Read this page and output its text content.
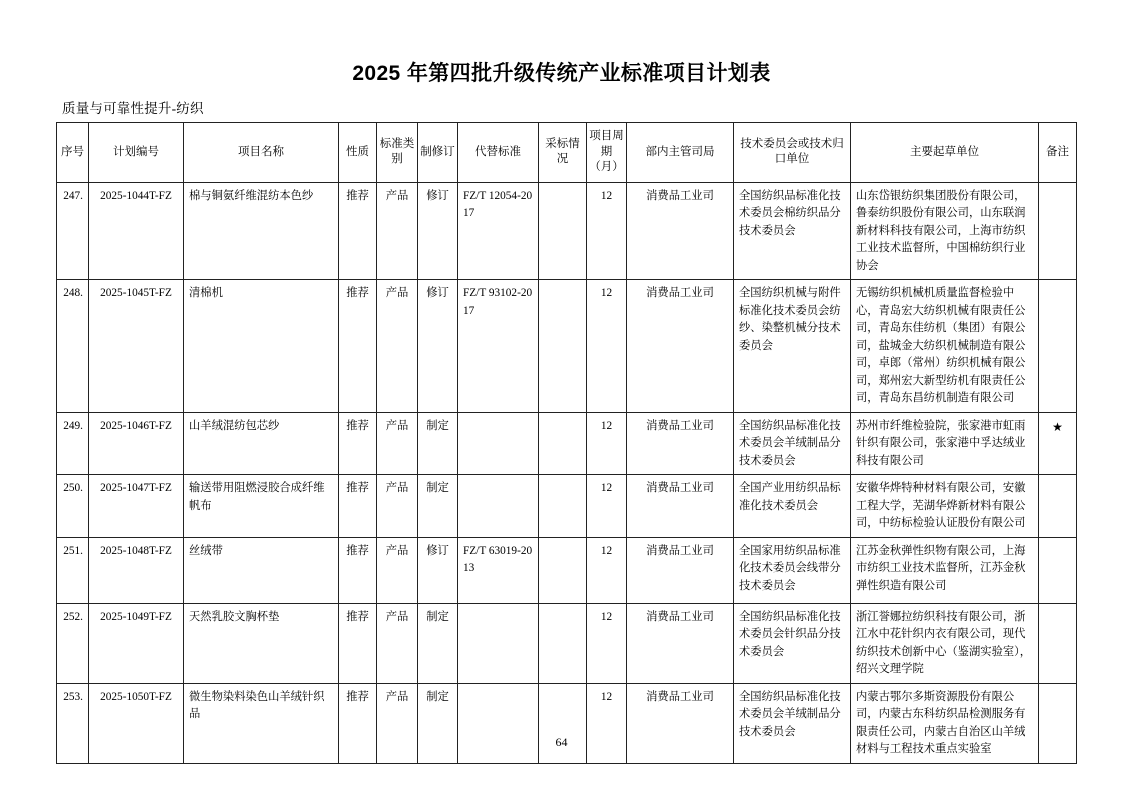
2025 年第四批升级传统产业标准项目计划表
质量与可靠性提升-纺织
序号	计划编号	项目名称	性质	标准类别	制修订	代替标准	采标情况	项目周期（月）	部内主管司局	技术委员会或技术归口单位	主要起草单位	备注
247.	2025-1044T-FZ	棉与铜氨纤维混纺本色纱	推荐	产品	修订	FZ/T 12054-2017		12	消费品工业司	全国纺织品标准化技术委员会棉纺织品分技术委员会	山东岱银纺织集团股份有限公司，鲁泰纺织股份有限公司，山东联润新材料科技有限公司，上海市纺织工业技术监督所，中国棉纺织行业协会	
248.	2025-1045T-FZ	清棉机	推荐	产品	修订	FZ/T 93102-2017		12	消费品工业司	全国纺织机械与附件标准化技术委员会纺纱、染整机械分技术委员会	无锡纺织机械机质量监督检验中心，青岛宏大纺织机械有限责任公司，青岛东佳纺机（集团）有限公司，盐城金大纺织机械制造有限公司，卓郎（常州）纺织机械有限公司，郑州宏大新型纺机有限责任公司，青岛东昌纺机制造有限公司	
249.	2025-1046T-FZ	山羊绒混纺包芯纱	推荐	产品	制定			12	消费品工业司	全国纺织品标准化技术委员会羊绒制品分技术委员会	苏州市纤维检验院，张家港市虹雨针织有限公司，张家港中孚达绒业科技有限公司	★
250.	2025-1047T-FZ	输送带用阻燃浸胶合成纤维帆布	推荐	产品	制定			12	消费品工业司	全国产业用纺织品标准化技术委员会	安徽华烨特种材料有限公司，安徽工程大学，芜湖华烨新材料有限公司，中纺标检验认证股份有限公司	
251.	2025-1048T-FZ	丝绒带	推荐	产品	修订	FZ/T 63019-2013		12	消费品工业司	全国家用纺织品标准化技术委员会线带分技术委员会	江苏金秋弹性织物有限公司，上海市纺织工业技术监督所，江苏金秋弹性织造有限公司	
252.	2025-1049T-FZ	天然乳胶文胸杯垫	推荐	产品	制定			12	消费品工业司	全国纺织品标准化技术委员会针织品分技术委员会	浙江誉娜拉纺织科技有限公司，浙江水中花针织内衣有限公司，现代纺织技术创新中心（鉴湖实验室），绍兴文理学院	
253.	2025-1050T-FZ	微生物染料染色山羊绒针织品	推荐	产品	制定			12	消费品工业司	全国纺织品标准化技术委员会羊绒制品分技术委员会	内蒙古鄂尔多斯资源股份有限公司，内蒙古东科纺织品检测服务有限责任公司，内蒙古自治区山羊绒材料与工程技术重点实验室	
64
